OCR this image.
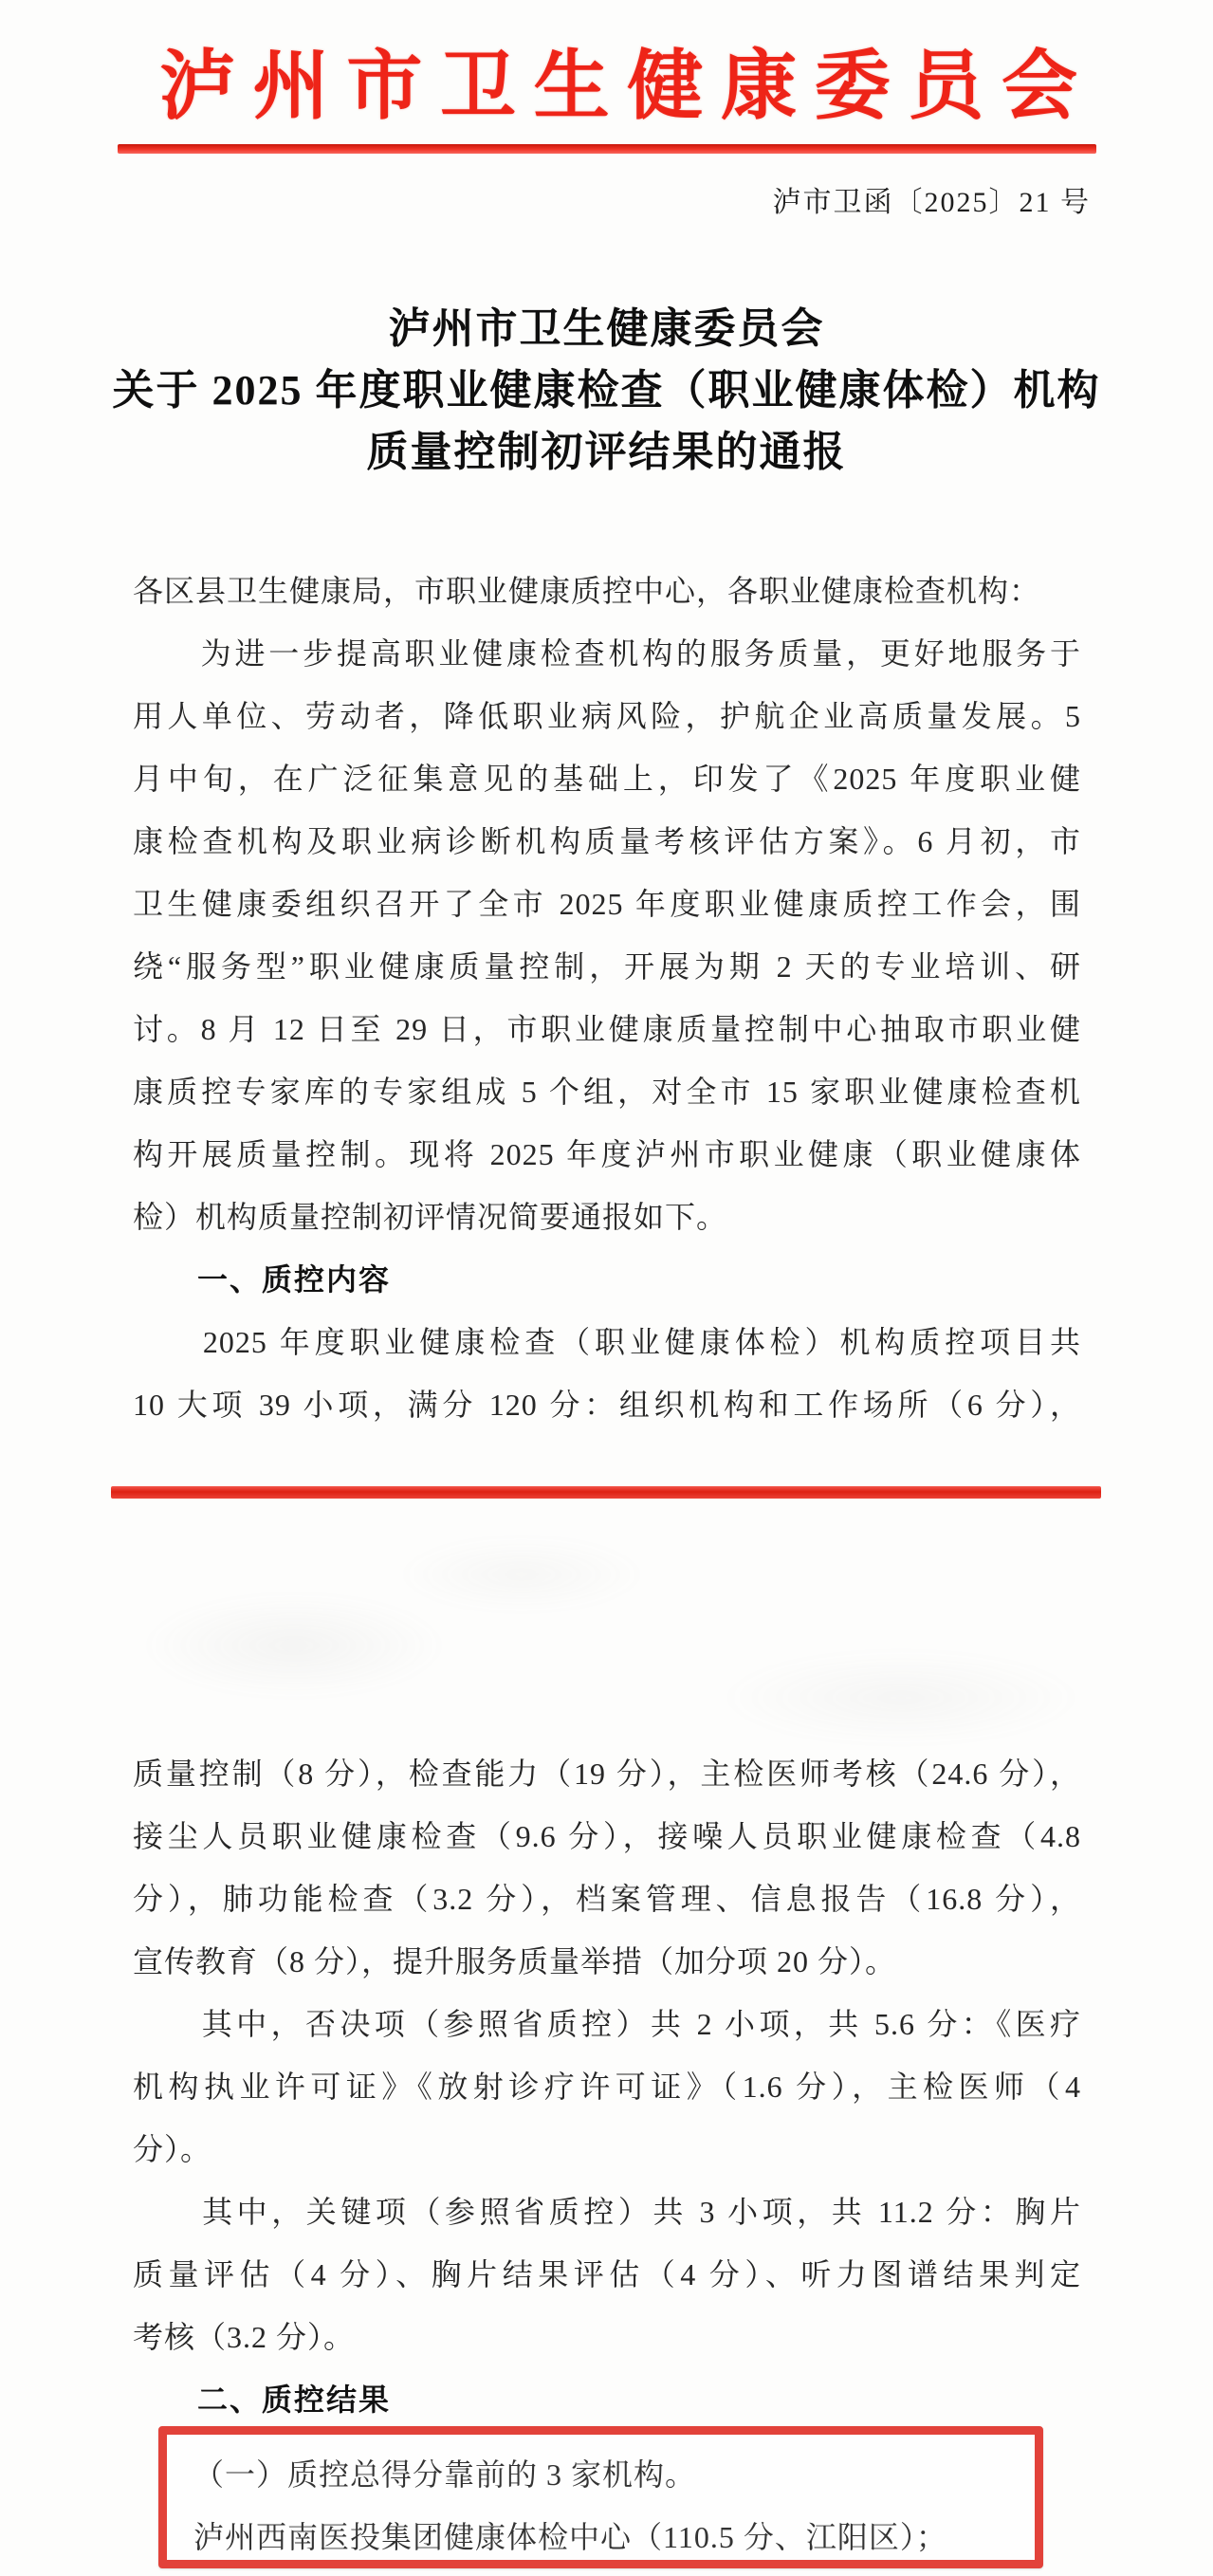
泸州市卫生健康委员会
泸市卫函〔2025〕21 号
泸州市卫生健康委员会
关于 2025 年度职业健康检查（职业健康体检）机构
质量控制初评结果的通报
各区县卫生健康局，市职业健康质控中心，各职业健康检查机构：
　　为进一步提高职业健康检查机构的服务质量，更好地服务于
用人单位、劳动者，降低职业病风险，护航企业高质量发展。5
月中旬，在广泛征集意见的基础上，印发了《2025 年度职业健
康检查机构及职业病诊断机构质量考核评估方案》。6 月初，市
卫生健康委组织召开了全市 2025 年度职业健康质控工作会，围
绕“服务型”职业健康质量控制，开展为期 2 天的专业培训、研
讨。8 月 12 日至 29 日，市职业健康质量控制中心抽取市职业健
康质控专家库的专家组成 5 个组，对全市 15 家职业健康检查机
构开展质量控制。现将 2025 年度泸州市职业健康（职业健康体
检）机构质量控制初评情况简要通报如下。
　　一、质控内容
　　2025 年度职业健康检查（职业健康体检）机构质控项目共
10 大项 39 小项，满分 120 分：组织机构和工作场所（6 分），
质量控制（8 分），检查能力（19 分），主检医师考核（24.6 分），
接尘人员职业健康检查（9.6 分），接噪人员职业健康检查（4.8
分），肺功能检查（3.2 分），档案管理、信息报告（16.8 分），
宣传教育（8 分），提升服务质量举措（加分项 20 分）。
　　其中，否决项（参照省质控）共 2 小项，共 5.6 分：《医疗
机构执业许可证》《放射诊疗许可证》（1.6 分），主检医师（4
分）。
　　其中，关键项（参照省质控）共 3 小项，共 11.2 分：胸片
质量评估（4 分）、胸片结果评估（4 分）、听力图谱结果判定
考核（3.2 分）。
　　二、质控结果
（一）质控总得分靠前的 3 家机构。
泸州西南医投集团健康体检中心（110.5 分、江阳区）；
